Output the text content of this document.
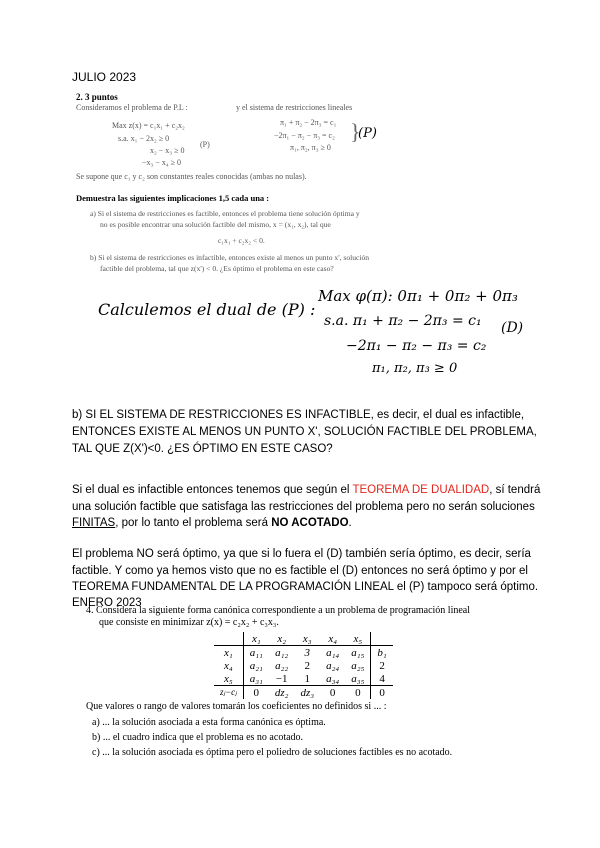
JULIO 2023
2. 3 puntos
Consideramos el problema de P.L :	y el sistema de restricciones lineales
Max z(x) = c₁x₁ + c₂x₂
s.a. x₁ − 2x₂ ≥ 0
x₂ − x₃ ≥ 0
−x₃ − x₄ ≥ 0
(P)
π₁ + π₂ − 2π₃ = c₁
−2π₁ − π₂ − π₃ = c₂
π₁, π₂, π₃ ≥ 0
}
(P)
Se supone que c₁ y c₂ son constantes reales conocidas (ambas no nulas).
Demuestra las siguientes implicaciones 1,5 cada una :
a) Si el sistema de restricciones es factible, entonces el problema tiene solución óptima y
no es posible encontrar una solución factible del mismo, x = (x₁, x₂), tal que
c₁x₁ + c₂x₂ < 0.
b) Si el sistema de restricciones es infactible, entonces existe al menos un punto x', solución
factible del problema, tal que z(x') < 0. ¿Es óptimo el problema en este caso?
Calculemos el dual de (P) :
Max φ(π): 0π₁ + 0π₂ + 0π₃
s.a. π₁ + π₂ − 2π₃ = c₁
−2π₁ − π₂ − π₃ = c₂
π₁, π₂, π₃ ≥ 0
(D)
b) SI EL SISTEMA DE RESTRICCIONES ES INFACTIBLE, es decir, el dual es infactible,
ENTONCES EXISTE AL MENOS UN PUNTO X', SOLUCIÓN FACTIBLE DEL PROBLEMA,
TAL QUE Z(X')<0. ¿ES ÓPTIMO EN ESTE CASO?
Si el dual es infactible entonces tenemos que según el TEOREMA DE DUALIDAD, sí tendrá
una solución factible que satisfaga las restricciones del problema pero no serán soluciones
FINITAS, por lo tanto el problema será NO ACOTADO.
El problema NO será óptimo, ya que si lo fuera el (D) también sería óptimo, es decir, sería
factible. Y como ya hemos visto que no es factible el (D) entonces no será óptimo y por el
TEOREMA FUNDAMENTAL DE LA PROGRAMACIÓN LINEAL el (P) tampoco será óptimo.
ENERO 2023
4. Considera la siguiente forma canónica correspondiente a un problema de programación lineal
que consiste en minimizar z(x) = c₂x₂ + c₃x₃.
	x₁	x₂	x₃	x₄	x₅	
x₁	a₁₁	a₁₂	3	a₁₄	a₁₅	b₁
x₄	a₂₁	a₂₂	2	a₂₄	a₂₅	2
x₅	a₃₁	−1	1	a₃₄	a₃₅	4
zⱼ−cⱼ	0	ǳ₂	ǳ₃	0	0	0
Que valores o rango de valores tomarán los coeficientes no definidos si ... :
a) ... la solución asociada a esta forma canónica es óptima.
b) ... el cuadro indica que el problema es no acotado.
c) ... la solución asociada es óptima pero el poliedro de soluciones factibles es no acotado.
